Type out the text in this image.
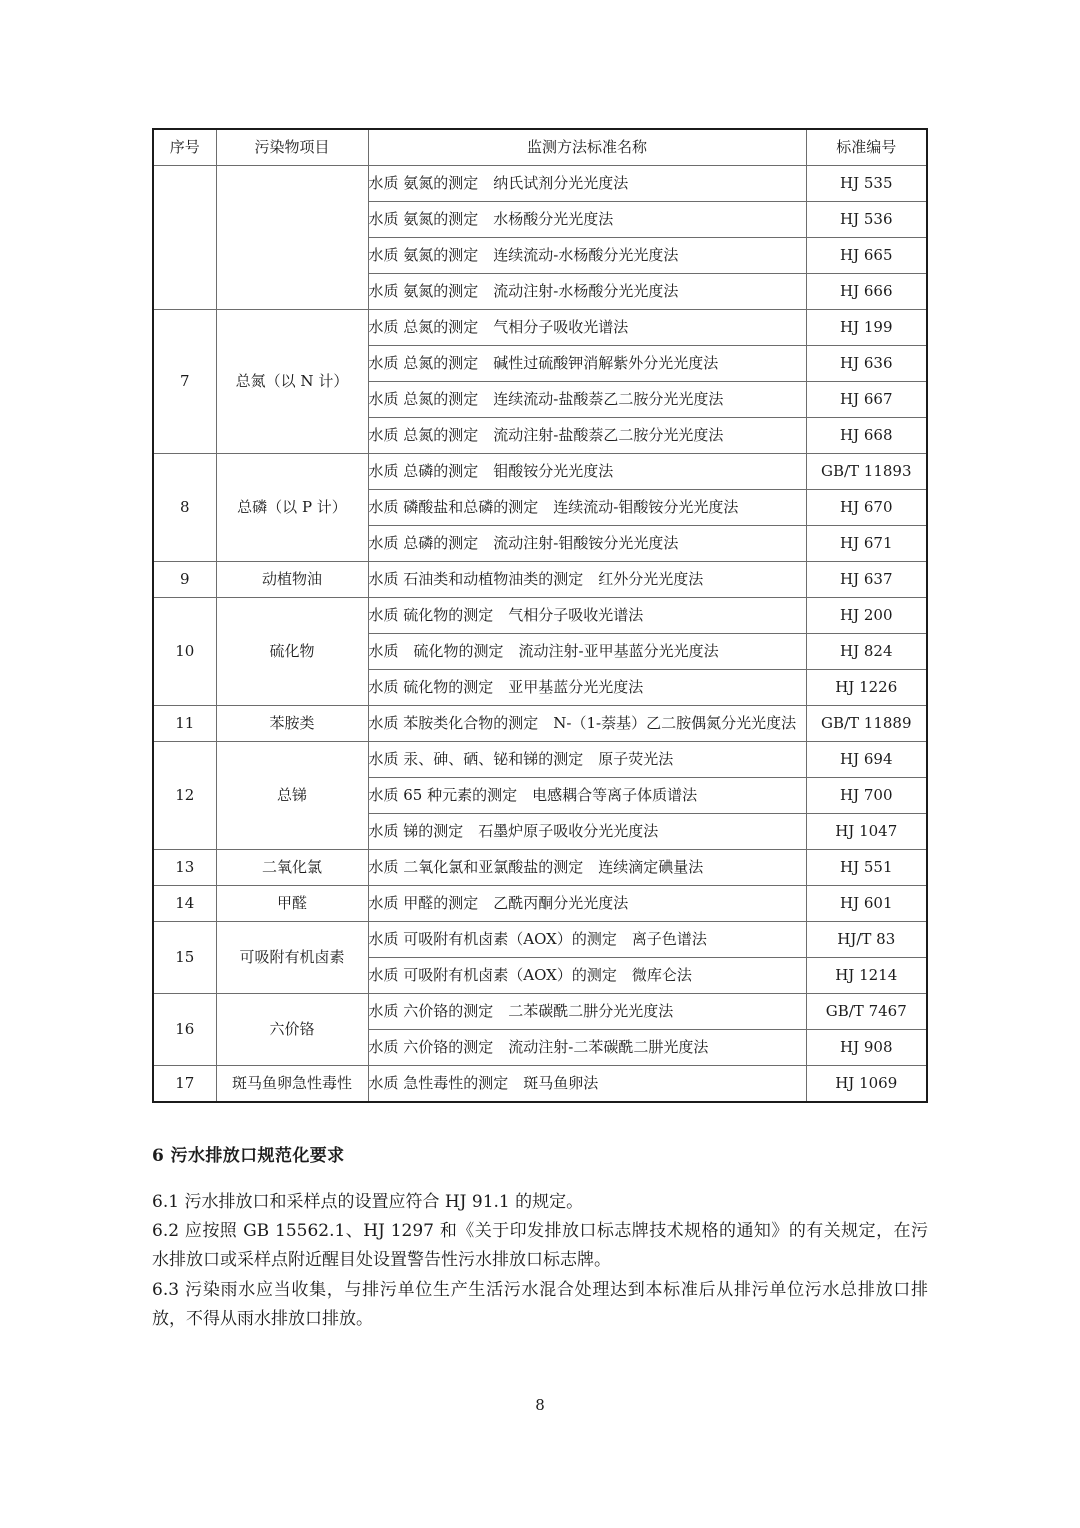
序号	污染物项目	监测方法标准名称	标准编号
		水质 氨氮的测定　纳氏试剂分光光度法	HJ 535
		水质 氨氮的测定　水杨酸分光光度法	HJ 536
		水质 氨氮的测定　连续流动-水杨酸分光光度法	HJ 665
		水质 氨氮的测定　流动注射-水杨酸分光光度法	HJ 666
7	总氮（以 N 计）	水质 总氮的测定　气相分子吸收光谱法	HJ 199
		水质 总氮的测定　碱性过硫酸钾消解紫外分光光度法	HJ 636
		水质 总氮的测定　连续流动-盐酸萘乙二胺分光光度法	HJ 667
		水质 总氮的测定　流动注射-盐酸萘乙二胺分光光度法	HJ 668
8	总磷（以 P 计）	水质 总磷的测定　钼酸铵分光光度法	GB/T 11893
		水质 磷酸盐和总磷的测定　连续流动-钼酸铵分光光度法	HJ 670
		水质 总磷的测定　流动注射-钼酸铵分光光度法	HJ 671
9	动植物油	水质 石油类和动植物油类的测定　红外分光光度法	HJ 637
10	硫化物	水质 硫化物的测定　气相分子吸收光谱法	HJ 200
		水质　硫化物的测定　流动注射-亚甲基蓝分光光度法	HJ 824
		水质 硫化物的测定　亚甲基蓝分光光度法	HJ 1226
11	苯胺类	水质 苯胺类化合物的测定　N-（1-萘基）乙二胺偶氮分光光度法	GB/T 11889
12	总锑	水质 汞、砷、硒、铋和锑的测定　原子荧光法	HJ 694
		水质 65 种元素的测定　电感耦合等离子体质谱法	HJ 700
		水质 锑的测定　石墨炉原子吸收分光光度法	HJ 1047
13	二氧化氯	水质 二氧化氯和亚氯酸盐的测定　连续滴定碘量法	HJ 551
14	甲醛	水质 甲醛的测定　乙酰丙酮分光光度法	HJ 601
15	可吸附有机卤素	水质 可吸附有机卤素（AOX）的测定　离子色谱法	HJ/T 83
		水质 可吸附有机卤素（AOX）的测定　微库仑法	HJ 1214
16	六价铬	水质 六价铬的测定　二苯碳酰二肼分光光度法	GB/T 7467
		水质 六价铬的测定　流动注射-二苯碳酰二肼光度法	HJ 908
17	斑马鱼卵急性毒性	水质 急性毒性的测定　斑马鱼卵法	HJ 1069

6 污水排放口规范化要求

6.1 污水排放口和采样点的设置应符合 HJ 91.1 的规定。

6.2 应按照 GB 15562.1、HJ 1297 和《关于印发排放口标志牌技术规格的通知》的有关规定，在污水排放口或采样点附近醒目处设置警告性污水排放口标志牌。

6.3 污染雨水应当收集，与排污单位生产生活污水混合处理达到本标准后从排污单位污水总排放口排放，不得从雨水排放口排放。

8
